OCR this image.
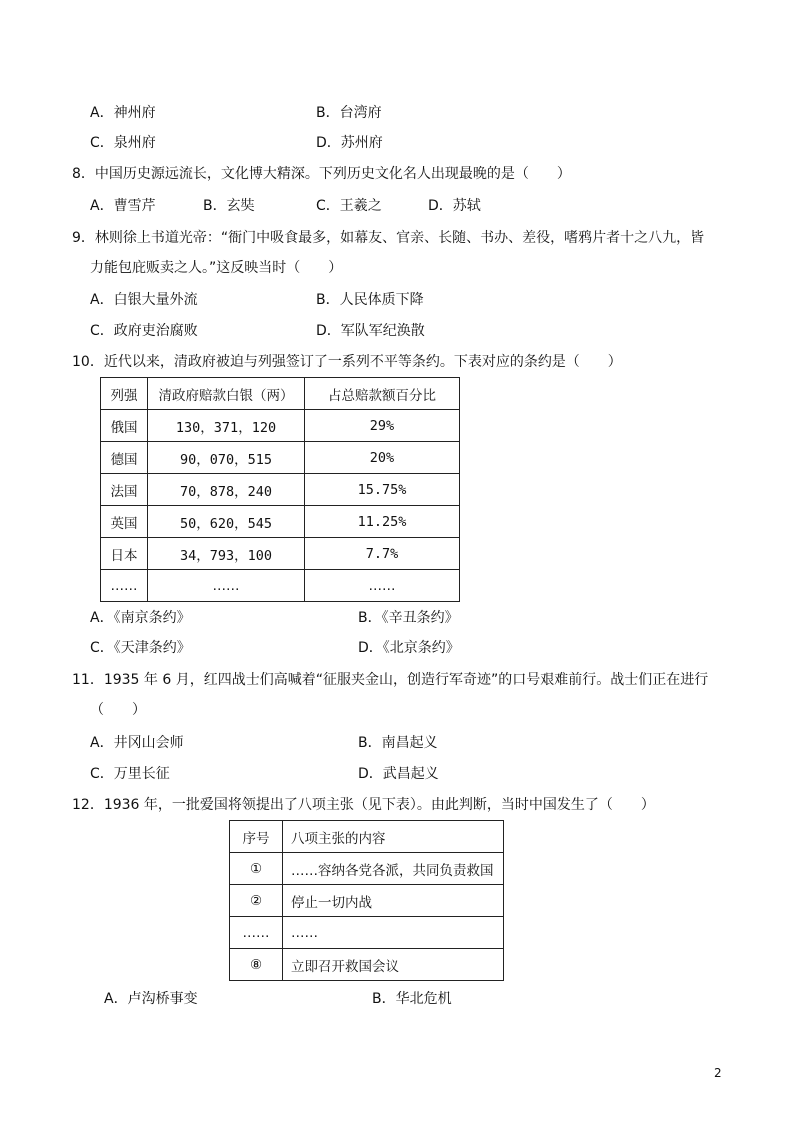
A．神州府	B．台湾府
C．泉州府	D．苏州府
8．中国历史源远流长，文化博大精深。下列历史文化名人出现最晚的是（　　）
A．曹雪芹	B．玄奘	C．王羲之	D．苏轼
9．林则徐上书道光帝：“衙门中吸食最多，如幕友、官亲、长随、书办、差役，嗜鸦片者十之八九，皆
力能包庇贩卖之人。”这反映当时（　　）
A．白银大量外流	B．人民体质下降
C．政府吏治腐败	D．军队军纪涣散
10．近代以来，清政府被迫与列强签订了一系列不平等条约。下表对应的条约是（　　）
列强	清政府赔款白银（两）	占总赔款额百分比
俄国	130，371，120	29%
德国	90，070，515	20%
法国	70，878，240	15.75%
英国	50，620，545	11.25%
日本	34，793，100	7.7%
……	……	……
A．《南京条约》	B．《辛丑条约》
C．《天津条约》	D．《北京条约》
11．1935 年 6 月，红四战士们高喊着“征服夹金山，创造行军奇迹”的口号艰难前行。战士们正在进行
（　　）
A．井冈山会师	B．南昌起义
C．万里长征	D．武昌起义
12．1936 年，一批爱国将领提出了八项主张（见下表）。由此判断，当时中国发生了（　　）
序号	八项主张的内容
①	……容纳各党各派，共同负责救国
②	停止一切内战
……	……
⑧	立即召开救国会议
A．卢沟桥事变	B．华北危机
2
